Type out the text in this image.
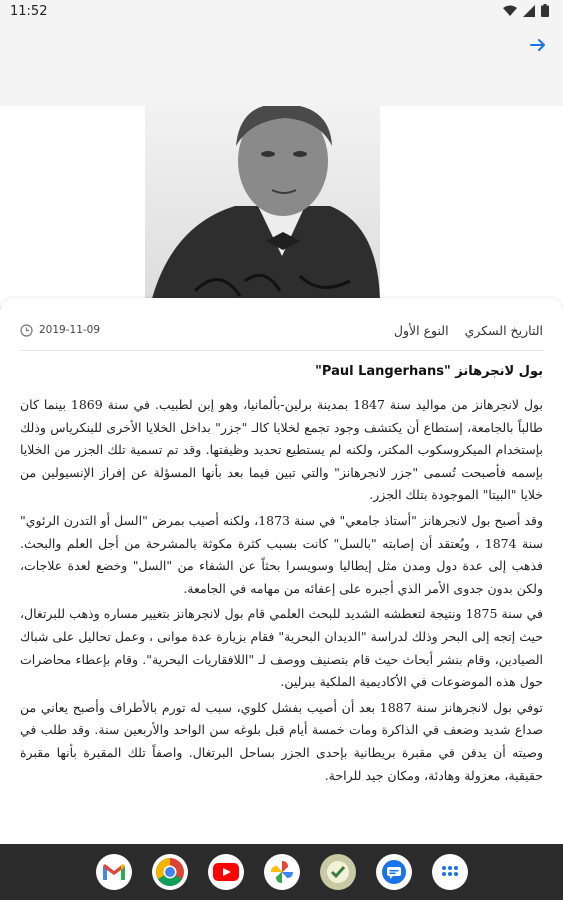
11:52
التاريخ السكري
النوع الأول
2019-11-09
بول لانجرهانز "Paul Langerhans"

بول لانجرهانز من مواليد سنة 1847 بمدينة برلين-بألمانيا، وهو إبن لطبيب. في سنة 1869 بينما كان طالباً بالجامعة، إستطاع أن يكتشف وجود تجمع لخلايا كالـ "جزر" بداخل الخلايا الأخرى للبنكرياس وذلك بإستخدام الميكروسكوب المكتر، ولكنه لم يستطيع تحديد وظيفتها. وقد تم تسمية تلك الجزر من الخلايا بإسمه فأصبحت تُسمى "جزر لانجرهانز" والتي تبين فيما بعد بأنها المسؤلة عن إفراز الإنسيولين من خلايا "البيتا" الموجودة بتلك الجزر.

وقد أصبح بول لانجرهانز "أستاذ جامعي" في سنة 1873، ولكنه أصيب بمرض "السل أو التدرن الرئوي" سنة 1874 ، ويُعتقد أن إصابته "بالسل" كانت بسبب كثرة مكوثة بالمشرحة من أجل العلم والبحث. فذهب إلى عدة دول ومدن مثل إيطاليا وسويسرا بحثاً عن الشفاء من "السل" وخضع لعدة علاجات، ولكن بدون جدوى الأمر الذي أجبره على إعفائه من مهامه في الجامعة.

في سنة 1875 ونتيجة لتعطشه الشديد للبحث العلمي قام بول لانجرهانز بتغيير مساره وذهب للبرتغال، حيث إتجه إلى البحر وذلك لدراسة "الديدان البحرية" فقام بزيارة عدة موانى ، وعمل تحاليل على شباك الصيادين، وقام بنشر أبحاث حيث قام بتصنيف ووصف لـ "اللافقاريات البحرية". وقام بإعطاء محاضرات حول هذه الموضوعات في الأكاديمية الملكية ببرلين.

توفي بول لانجرهانز سنة 1887 بعد أن أصيب بفشل كلوي، سبب له تورم بالأطراف وأصبح يعاني من صداع شديد وضعف في الذاكرة ومات خمسة أيام قبل بلوغه سن الواحد والأربعين سنة. وقد طلب في وصيته أن يدفن في مقبرة بريطانية بإحدى الجزر بساحل البرتغال. واصفاً تلك المقبرة بأنها مقبرة حقيقية، معزولة وهادئة، ومكان جيد للراحة.
